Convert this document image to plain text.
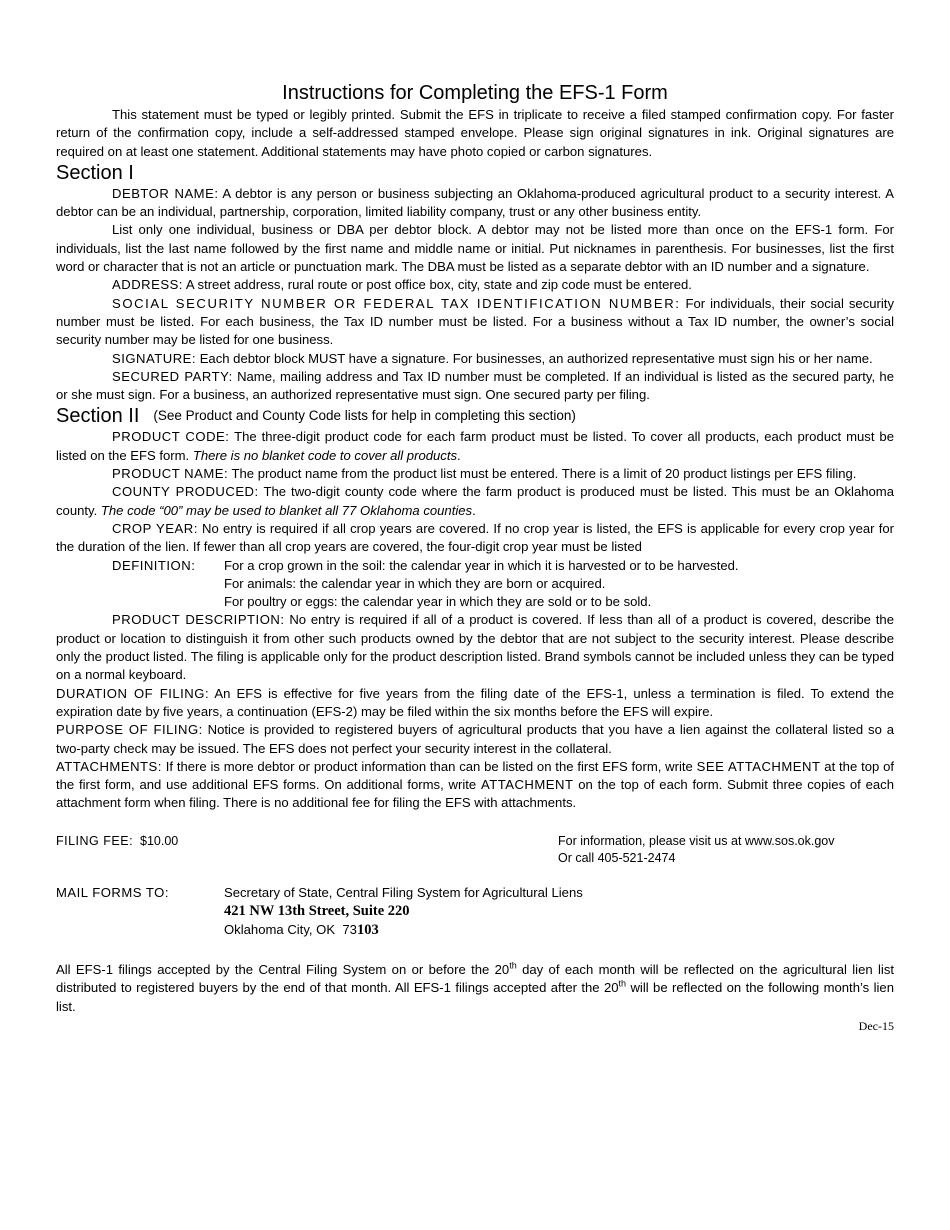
Instructions for Completing the EFS-1 Form

This statement must be typed or legibly printed. Submit the EFS in triplicate to receive a filed stamped confirmation copy. For faster return of the confirmation copy, include a self-addressed stamped envelope. Please sign original signatures in ink. Original signatures are required on at least one statement. Additional statements may have photo copied or carbon signatures.

Section I

DEBTOR NAME: A debtor is any person or business subjecting an Oklahoma-produced agricultural product to a security interest. A debtor can be an individual, partnership, corporation, limited liability company, trust or any other business entity.

List only one individual, business or DBA per debtor block. A debtor may not be listed more than once on the EFS-1 form. For individuals, list the last name followed by the first name and middle name or initial. Put nicknames in parenthesis. For businesses, list the first word or character that is not an article or punctuation mark. The DBA must be listed as a separate debtor with an ID number and a signature.

ADDRESS: A street address, rural route or post office box, city, state and zip code must be entered.

SOCIAL SECURITY NUMBER OR FEDERAL TAX IDENTIFICATION NUMBER: For individuals, their social security number must be listed. For each business, the Tax ID number must be listed. For a business without a Tax ID number, the owner’s social security number may be listed for one business.

SIGNATURE: Each debtor block MUST have a signature. For businesses, an authorized representative must sign his or her name.

SECURED PARTY: Name, mailing address and Tax ID number must be completed. If an individual is listed as the secured party, he or she must sign. For a business, an authorized representative must sign. One secured party per filing.

Section II (See Product and County Code lists for help in completing this section)

PRODUCT CODE: The three-digit product code for each farm product must be listed. To cover all products, each product must be listed on the EFS form. There is no blanket code to cover all products.

PRODUCT NAME: The product name from the product list must be entered. There is a limit of 20 product listings per EFS filing.

COUNTY PRODUCED: The two-digit county code where the farm product is produced must be listed. This must be an Oklahoma county. The code “00” may be used to blanket all 77 Oklahoma counties.

CROP YEAR: No entry is required if all crop years are covered. If no crop year is listed, the EFS is applicable for every crop year for the duration of the lien. If fewer than all crop years are covered, the four-digit crop year must be listed

DEFINITION:	For a crop grown in the soil: the calendar year in which it is harvested or to be harvested.
For animals: the calendar year in which they are born or acquired.
For poultry or eggs: the calendar year in which they are sold or to be sold.

PRODUCT DESCRIPTION: No entry is required if all of a product is covered. If less than all of a product is covered, describe the product or location to distinguish it from other such products owned by the debtor that are not subject to the security interest. Please describe only the product listed. The filing is applicable only for the product description listed. Brand symbols cannot be included unless they can be typed on a normal keyboard.

DURATION OF FILING: An EFS is effective for five years from the filing date of the EFS-1, unless a termination is filed. To extend the expiration date by five years, a continuation (EFS-2) may be filed within the six months before the EFS will expire.

PURPOSE OF FILING: Notice is provided to registered buyers of agricultural products that you have a lien against the collateral listed so a two-party check may be issued. The EFS does not perfect your security interest in the collateral.

ATTACHMENTS: If there is more debtor or product information than can be listed on the first EFS form, write SEE ATTACHMENT at the top of the first form, and use additional EFS forms. On additional forms, write ATTACHMENT on the top of each form. Submit three copies of each attachment form when filing. There is no additional fee for filing the EFS with attachments.

FILING FEE:  $10.00	For information, please visit us at www.sos.ok.gov
Or call 405-521-2474
MAIL FORMS TO:	Secretary of State, Central Filing System for Agricultural Liens
421 NW 13th Street, Suite 220
Oklahoma City, OK  73103

All EFS-1 filings accepted by the Central Filing System on or before the 20th day of each month will be reflected on the agricultural lien list distributed to registered buyers by the end of that month. All EFS-1 filings accepted after the 20th will be reflected on the following month’s lien list.

Dec-15
